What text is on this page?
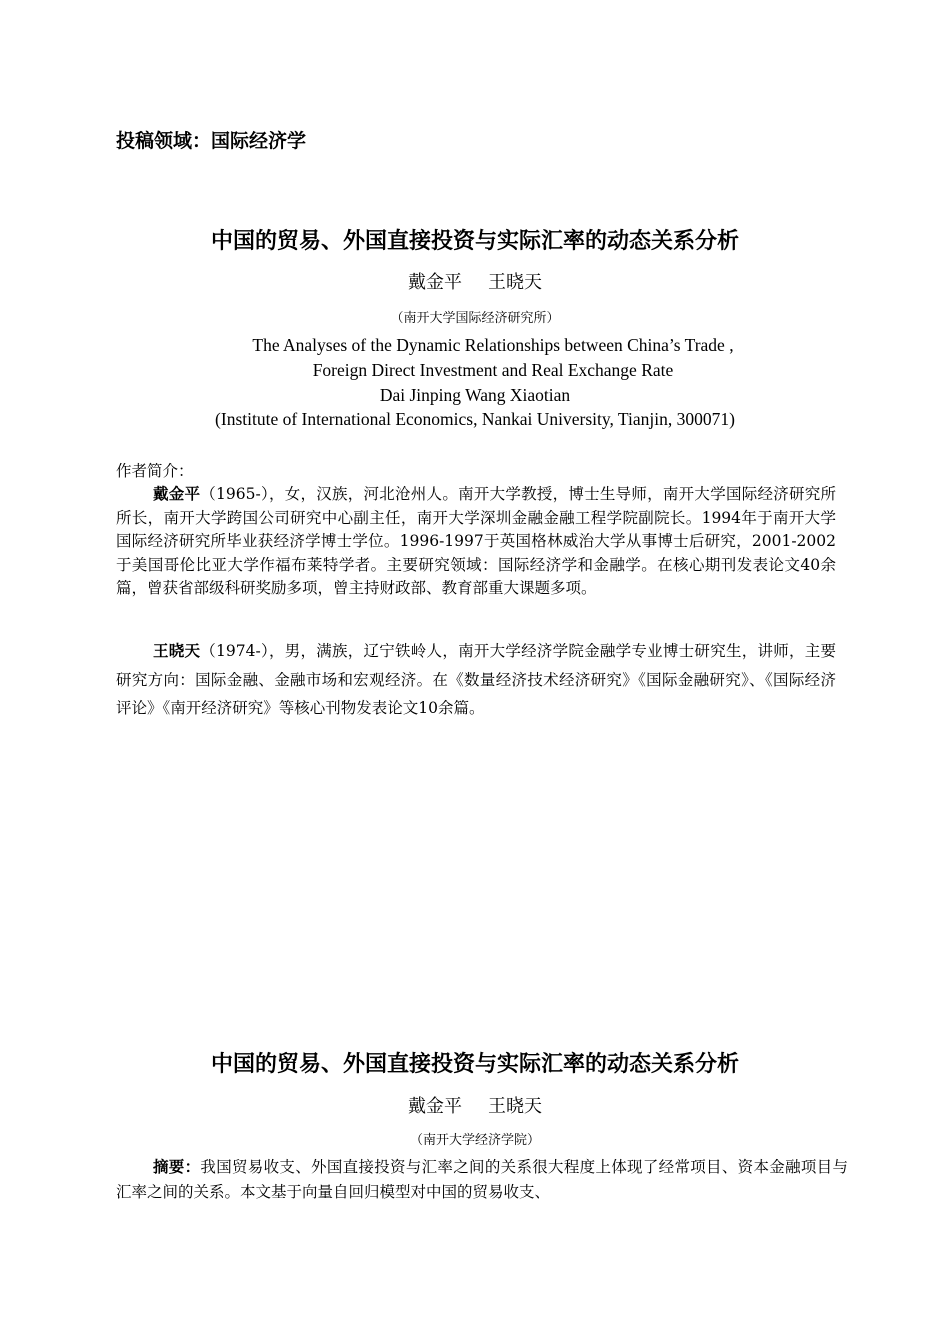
投稿领域：国际经济学
中国的贸易、外国直接投资与实际汇率的动态关系分析
戴金平 王晓天
（南开大学国际经济研究所）
The Analyses of the Dynamic Relationships between China’s Trade ,
Foreign Direct Investment and Real Exchange Rate
Dai Jinping Wang Xiaotian
(Institute of International Economics, Nankai University, Tianjin, 300071)
作者简介：

戴金平（1965-），女，汉族，河北沧州人。南开大学教授，博士生导师，南开大学国际经济研究所所长，南开大学跨国公司研究中心副主任，南开大学深圳金融金融工程学院副院长。1994年于南开大学国际经济研究所毕业获经济学博士学位。1996-1997于英国格林威治大学从事博士后研究，2001-2002于美国哥伦比亚大学作福布莱特学者。主要研究领域：国际经济学和金融学。在核心期刊发表论文40余篇，曾获省部级科研奖励多项，曾主持财政部、教育部重大课题多项。

王晓天（1974-），男，满族，辽宁铁岭人，南开大学经济学院金融学专业博士研究生，讲师，主要研究方向：国际金融、金融市场和宏观经济。在《数量经济技术经济研究》《国际金融研究》、《国际经济评论》《南开经济研究》等核心刊物发表论文10余篇。

中国的贸易、外国直接投资与实际汇率的动态关系分析
戴金平 王晓天
（南开大学经济学院）

摘要：我国贸易收支、外国直接投资与汇率之间的关系很大程度上体现了经常项目、资本金融项目与汇率之间的关系。本文基于向量自回归模型对中国的贸易收支、
